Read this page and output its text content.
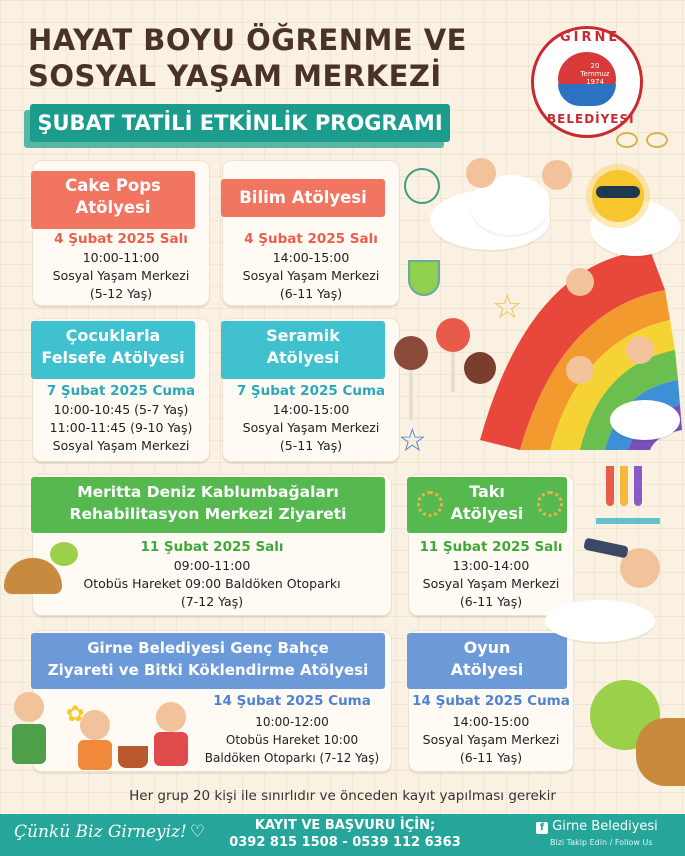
HAYAT BOYU ÖĞRENME VE
SOSYAL YAŞAM MERKEZİ
ŞUBAT TATİLİ ETKİNLİK PROGRAMI
GİRNE
BELEDİYESİ
20 Temmuz 1974
Cake Pops
Atölyesi
4 Şubat 2025 Salı
10:00-11:00
Sosyal Yaşam Merkezi
(5-12 Yaş)
Bilim Atölyesi
4 Şubat 2025 Salı
14:00-15:00
Sosyal Yaşam Merkezi
(6-11 Yaş)
Çocuklarla
Felsefe Atölyesi
7 Şubat 2025 Cuma
10:00-10:45 (5-7 Yaş)
11:00-11:45 (9-10 Yaş)
Sosyal Yaşam Merkezi
Seramik
Atölyesi
7 Şubat 2025 Cuma
14:00-15:00
Sosyal Yaşam Merkezi
(5-11 Yaş)
Meritta Deniz Kablumbağaları
Rehabilitasyon Merkezi Ziyareti
11 Şubat 2025 Salı
09:00-11:00
Otobüs Hareket 09:00 Baldöken Otoparkı
(7-12 Yaş)
Takı
Atölyesi
11 Şubat 2025 Salı
13:00-14:00
Sosyal Yaşam Merkezi
(6-11 Yaş)
Girne Belediyesi Genç Bahçe
Ziyareti ve Bitki Köklendirme Atölyesi
14 Şubat 2025 Cuma
10:00-12:00
Otobüs Hareket 10:00
Baldöken Otoparkı (7-12 Yaş)
Oyun
Atölyesi
14 Şubat 2025 Cuma
14:00-15:00
Sosyal Yaşam Merkezi
(6-11 Yaş)
☆
☆
✿
Her grup 20 kişi ile sınırlıdır ve önceden kayıt yapılması gerekir
Çünkü Biz Girneyiz! ♡	KAYIT VE BAŞVURU İÇİN;
0392 815 1508 - 0539 112 6363
f Girne Belediyesi
Bizi Takip Edin / Follow Us
